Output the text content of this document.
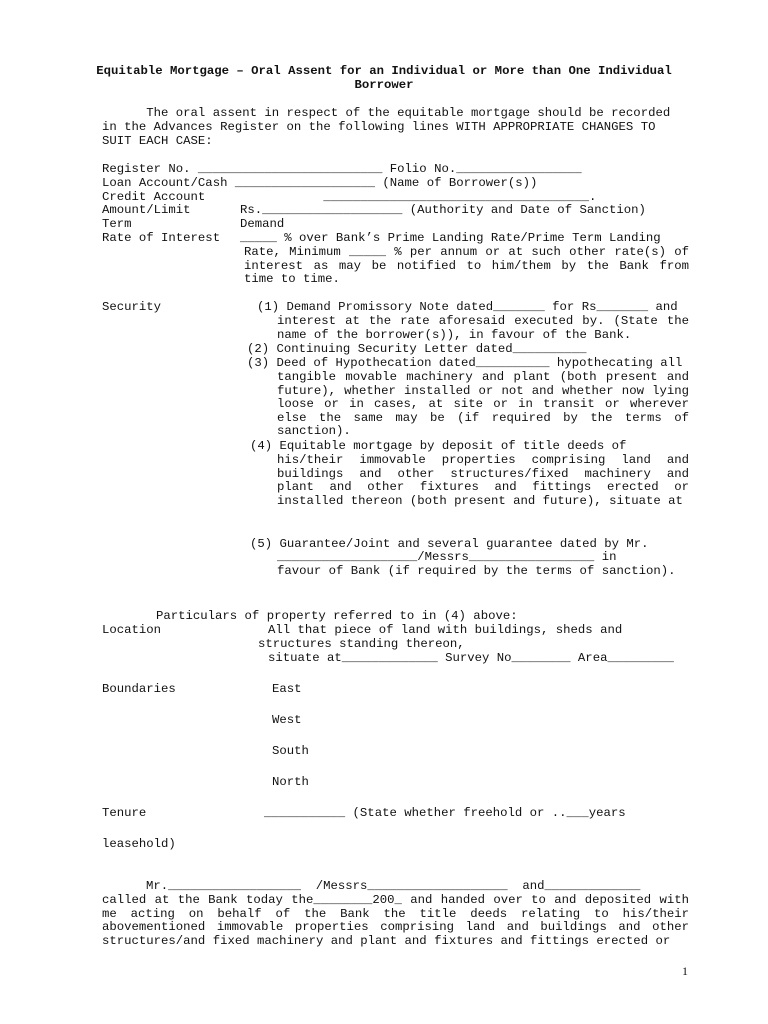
Equitable Mortgage – Oral Assent for an Individual or More than One Individual
Borrower
The oral assent in respect of the equitable mortgage should be recorded
in the Advances Register on the following lines WITH APPROPRIATE CHANGES TO
SUIT EACH CASE:
Register No. _________________________ Folio No._________________
Loan Account/Cash ___________________ (Name of Borrower(s))
Credit Account                ____________________________________.
Amount/Limit	Rs.___________________ (Authority and Date of Sanction)
Term	Demand
Rate of Interest _____ % over Bank’s Prime Landing Rate/Prime Term Landing
Rate, Minimum _____ % per annum or at such other rate(s) of interest as may be notified to him/them by the Bank from time to time.
Security	(1) Demand Promissory Note dated_______ for Rs_______ and
interest at the rate aforesaid executed by. (State the name of the borrower(s)), in favour of the Bank.
(2) Continuing Security Letter dated__________
(3) Deed of Hypothecation dated__________ hypothecating all
tangible movable machinery and plant (both present and future), whether installed or not and whether now lying loose or in cases, at site or in transit or wherever else the same may be (if required by the terms of sanction).
(4) Equitable mortgage by deposit of title deeds of
his/their immovable properties comprising land and buildings and other structures/fixed machinery and plant and other fixtures and fittings erected or installed thereon (both present and future), situate at
(5) Guarantee/Joint and several guarantee dated by Mr.
___________________/Messrs_________________ in
favour of Bank (if required by the terms of sanction).
Particulars of property referred to in (4) above:
Location	All that piece of land with buildings, sheds and
structures standing thereon,
situate at_____________ Survey No________ Area_________
Boundaries	East
West
South
North
Tenure	___________ (State whether freehold or ..___years
leasehold)
Mr.__________________  /Messrs___________________  and_____________
called at the Bank today the________200_ and handed over to and deposited with me acting on behalf of the Bank the title deeds relating to his/their abovementioned immovable properties comprising land and buildings and other structures/and fixed machinery and plant and fixtures and fittings erected or
1
